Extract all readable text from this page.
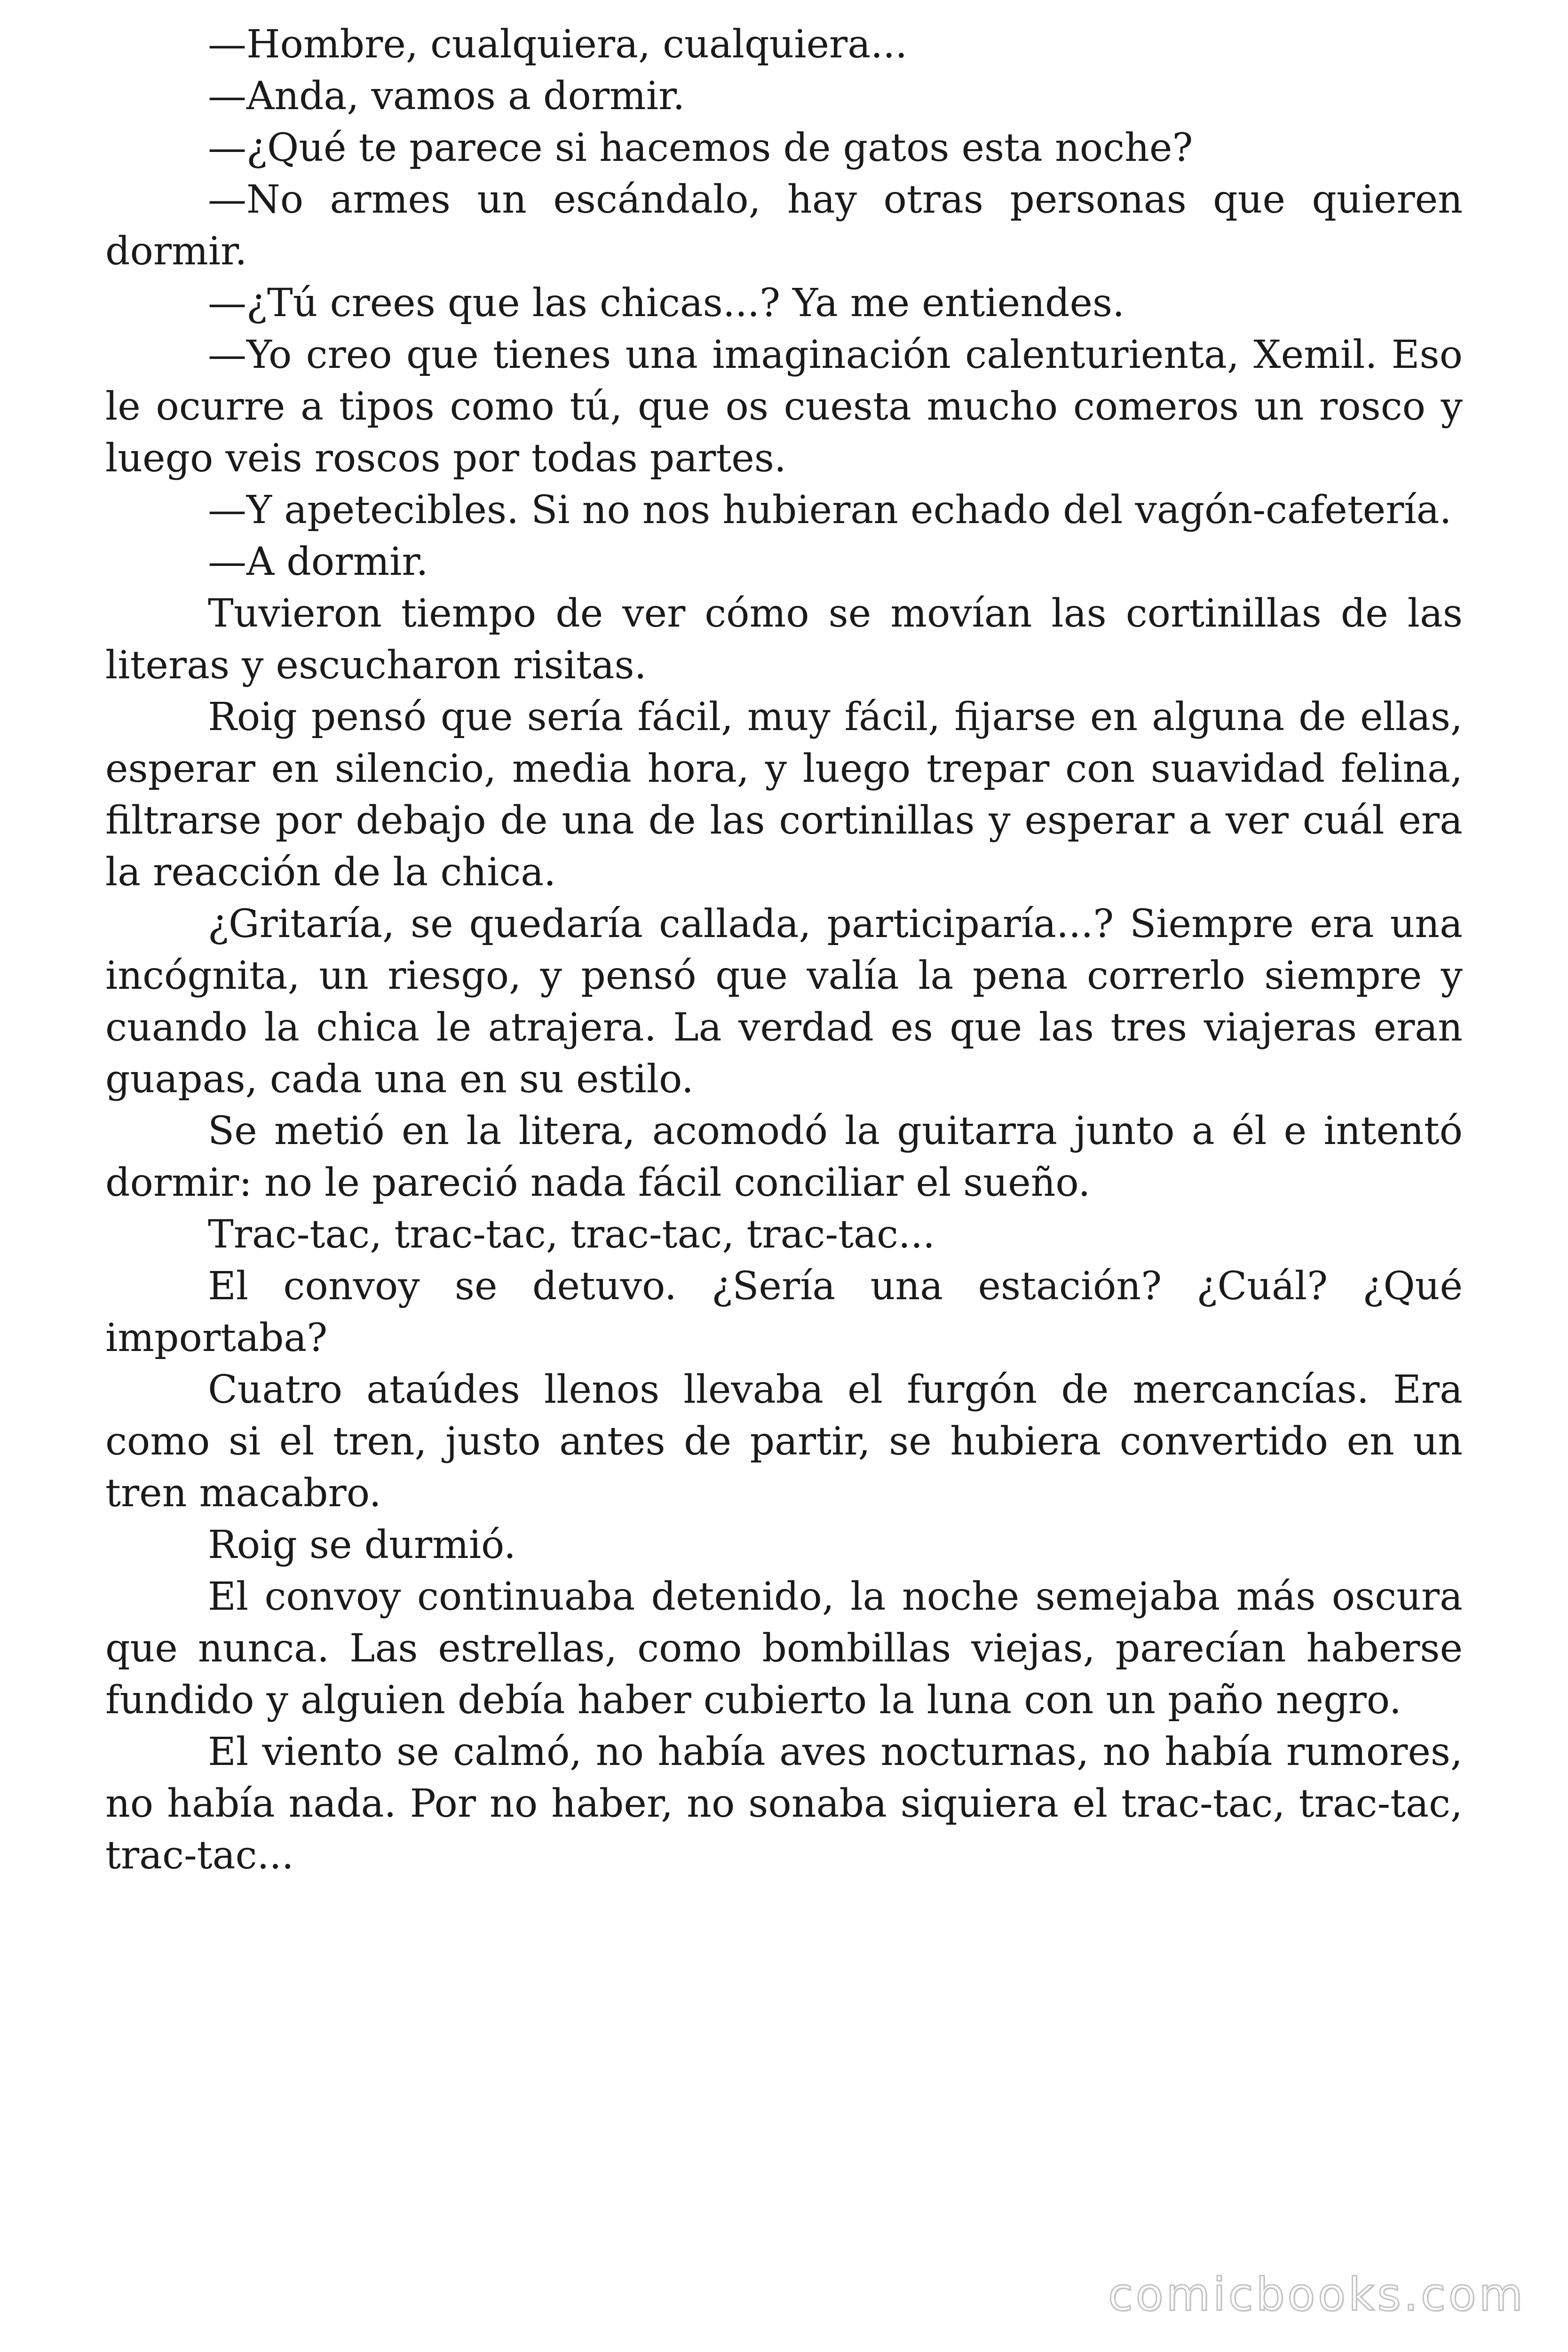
—Hombre, cualquiera, cualquiera...

—Anda, vamos a dormir.

—¿Qué te parece si hacemos de gatos esta noche?

—No armes un escándalo, hay otras personas que quieren dormir.

—¿Tú crees que las chicas...? Ya me entiendes.

—Yo creo que tienes una imaginación calenturienta, Xemil. Eso le ocurre a tipos como tú, que os cuesta mucho comeros un rosco y luego veis roscos por todas partes.

—Y apetecibles. Si no nos hubieran echado del vagón-cafetería.

—A dormir.

Tuvieron tiempo de ver cómo se movían las cortinillas de las literas y escucharon risitas.

Roig pensó que sería fácil, muy fácil, fijarse en alguna de ellas, esperar en silencio, media hora, y luego trepar con suavidad felina, filtrarse por debajo de una de las cortinillas y esperar a ver cuál era la reacción de la chica.

¿Gritaría, se quedaría callada, participaría...? Siempre era una incógnita, un riesgo, y pensó que valía la pena correrlo siempre y cuando la chica le atrajera. La verdad es que las tres viajeras eran guapas, cada una en su estilo.

Se metió en la litera, acomodó la guitarra junto a él e intentó dormir: no le pareció nada fácil conciliar el sueño.

Trac-tac, trac-tac, trac-tac, trac-tac...

El convoy se detuvo. ¿Sería una estación? ¿Cuál? ¿Qué importaba?

Cuatro ataúdes llenos llevaba el furgón de mercancías. Era como si el tren, justo antes de partir, se hubiera convertido en un tren macabro.

Roig se durmió.

El convoy continuaba detenido, la noche semejaba más oscura que nunca. Las estrellas, como bombillas viejas, parecían haberse fundido y alguien debía haber cubierto la luna con un paño negro.

El viento se calmó, no había aves nocturnas, no había rumores, no había nada. Por no haber, no sonaba siquiera el trac-tac, trac-tac, trac-tac...

comicbooks.com
